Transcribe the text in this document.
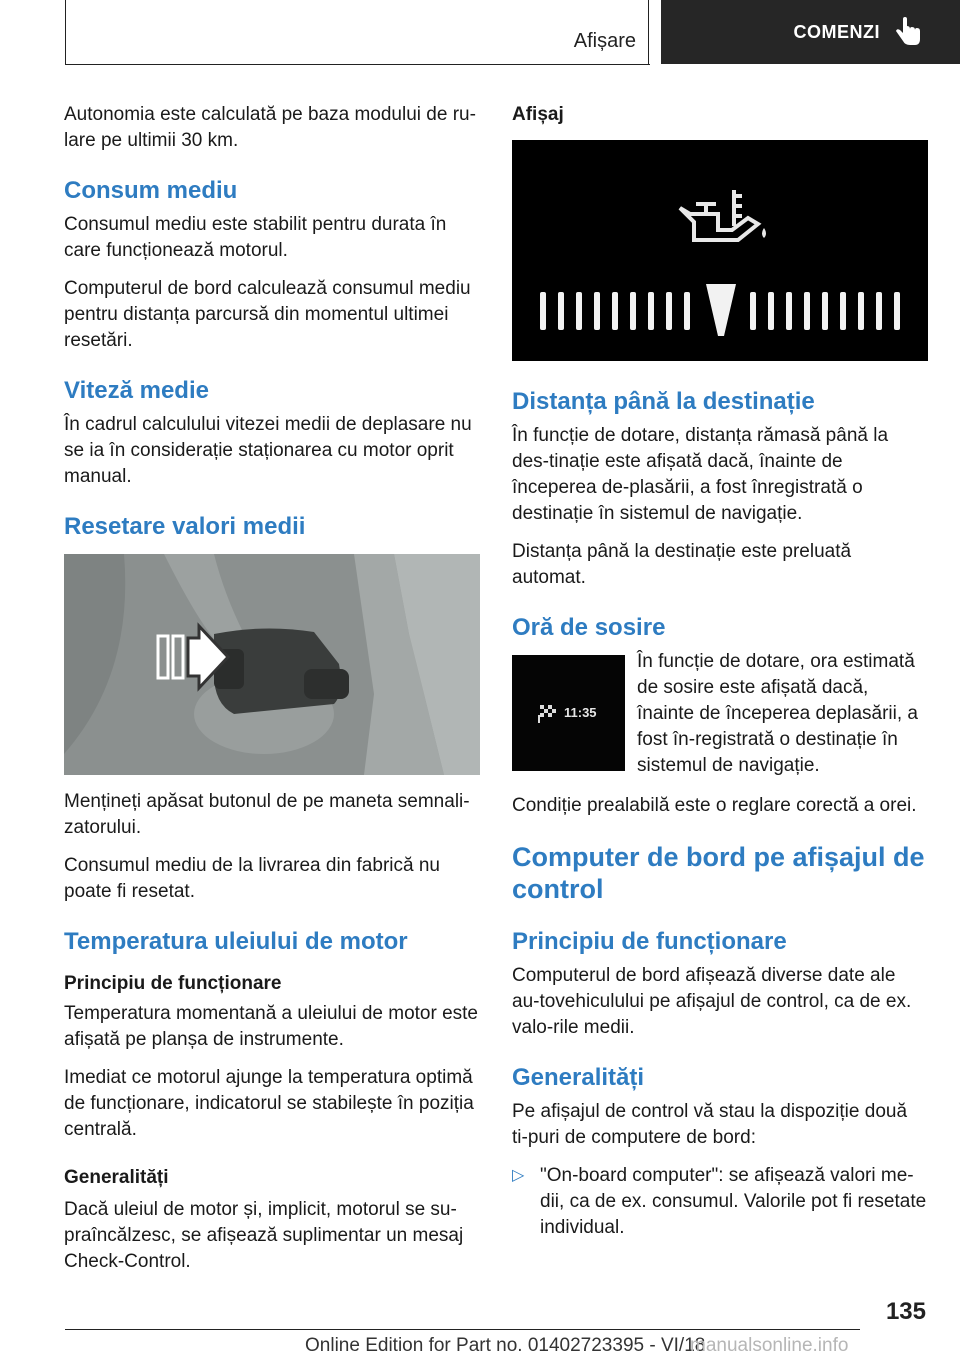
Afișare	COMENZI

Autonomia este calculată pe baza modului de ru-lare pe ultimii 30 km.

Consum mediu

Consumul mediu este stabilit pentru durata în care funcționează motorul.

Computerul de bord calculează consumul mediu pentru distanța parcursă din momentul ultimei resetări.

Viteză medie

În cadrul calculului vitezei medii de deplasare nu se ia în considerație staționarea cu motor oprit manual.

Resetare valori medii

Mențineți apăsat butonul de pe maneta semnali-zatorului.

Consumul mediu de la livrarea din fabrică nu poate fi resetat.

Temperatura uleiului de motor
Principiu de funcționare

Temperatura momentană a uleiului de motor este afișată pe planșa de instrumente.

Imediat ce motorul ajunge la temperatura optimă de funcționare, indicatorul se stabilește în poziția centrală.

Generalități

Dacă uleiul de motor și, implicit, motorul se su-praîncălzesc, se afișează suplimentar un mesaj Check-Control.

Afișaj
Distanța până la destinație

În funcție de dotare, distanța rămasă până la des-tinație este afișată dacă, înainte de începerea de-plasării, a fost înregistrată o destinație în sistemul de navigație.

Distanța până la destinație este preluată automat.

Oră de sosire
11:35

În funcție de dotare, ora estimată de sosire este afișată dacă, înainte de începerea deplasării, a fost în-registrată o destinație în sistemul de navigație.

Condiție prealabilă este o reglare corectă a orei.

Computer de bord pe afișajul de control
Principiu de funcționare

Computerul de bord afișează diverse date ale au-tovehiculului pe afișajul de control, ca de ex. valo-rile medii.

Generalități

Pe afișajul de control vă stau la dispoziție două ti-puri de computere de bord:

▷ "On-board computer": se afișează valori me-dii, ca de ex. consumul. Valorile pot fi resetate individual.

135
Online Edition for Part no. 01402723395 - VI/18
manualsonline.info
